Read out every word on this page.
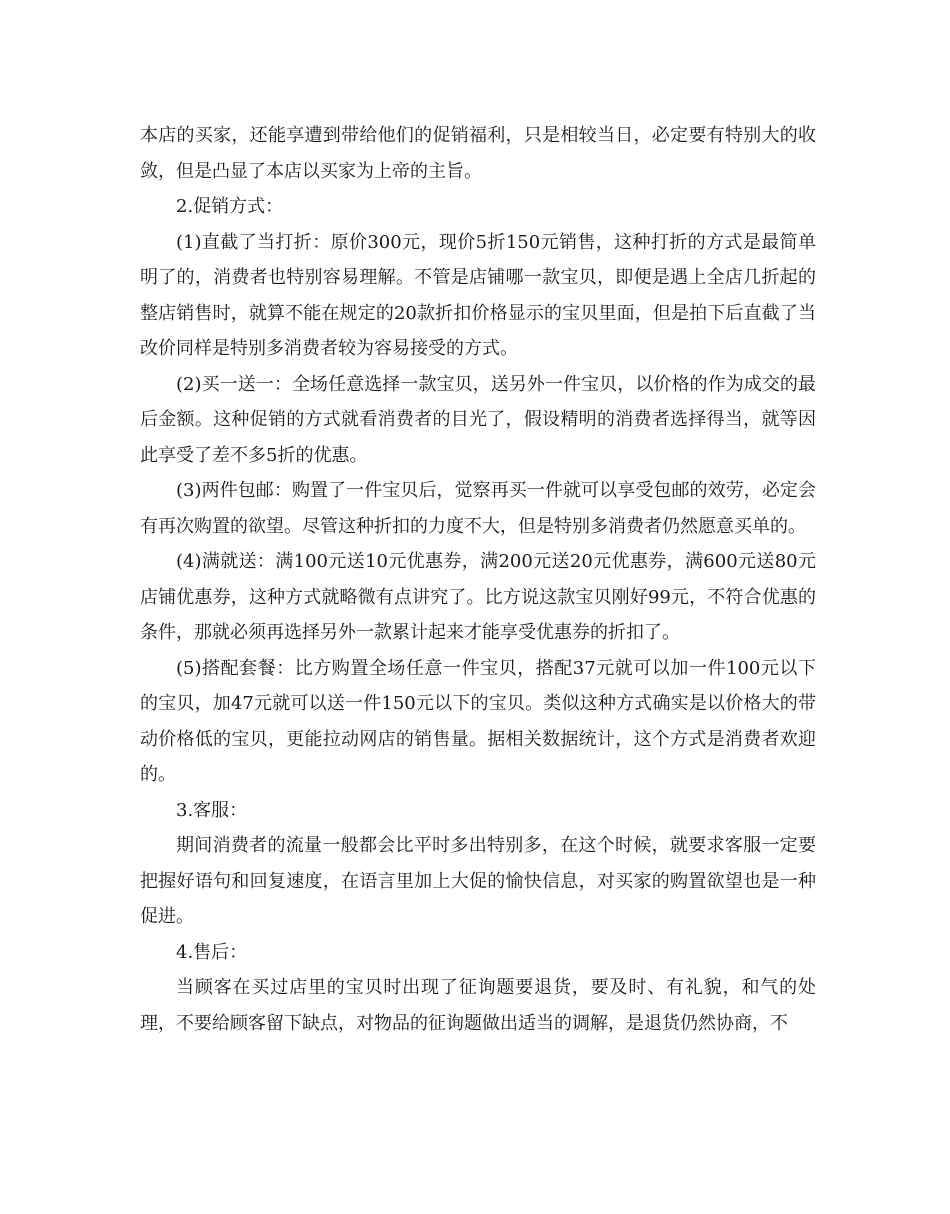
本店的买家，还能享遭到带给他们的促销福利，只是相较当日，必定要有特别大的收敛，但是凸显了本店以买家为上帝的主旨。

2.促销方式：

(1)直截了当打折：原价300元，现价5折150元销售，这种打折的方式是最简单明了的，消费者也特别容易理解。不管是店铺哪一款宝贝，即便是遇上全店几折起的整店销售时，就算不能在规定的20款折扣价格显示的宝贝里面，但是拍下后直截了当改价同样是特别多消费者较为容易接受的方式。

(2)买一送一：全场任意选择一款宝贝，送另外一件宝贝，以价格的作为成交的最后金额。这种促销的方式就看消费者的目光了，假设精明的消费者选择得当，就等因此享受了差不多5折的优惠。

(3)两件包邮：购置了一件宝贝后，觉察再买一件就可以享受包邮的效劳，必定会有再次购置的欲望。尽管这种折扣的力度不大，但是特别多消费者仍然愿意买单的。

(4)满就送：满100元送10元优惠券，满200元送20元优惠券，满600元送80元店铺优惠券，这种方式就略微有点讲究了。比方说这款宝贝刚好99元，不符合优惠的条件，那就必须再选择另外一款累计起来才能享受优惠券的折扣了。

(5)搭配套餐：比方购置全场任意一件宝贝，搭配37元就可以加一件100元以下的宝贝，加47元就可以送一件150元以下的宝贝。类似这种方式确实是以价格大的带动价格低的宝贝，更能拉动网店的销售量。据相关数据统计，这个方式是消费者欢迎的。

3.客服：

期间消费者的流量一般都会比平时多出特别多，在这个时候，就要求客服一定要把握好语句和回复速度，在语言里加上大促的愉快信息，对买家的购置欲望也是一种促进。

4.售后：

当顾客在买过店里的宝贝时出现了征询题要退货，要及时、有礼貌，和气的处理，不要给顾客留下缺点，对物品的征询题做出适当的调解，是退货仍然协商，不
